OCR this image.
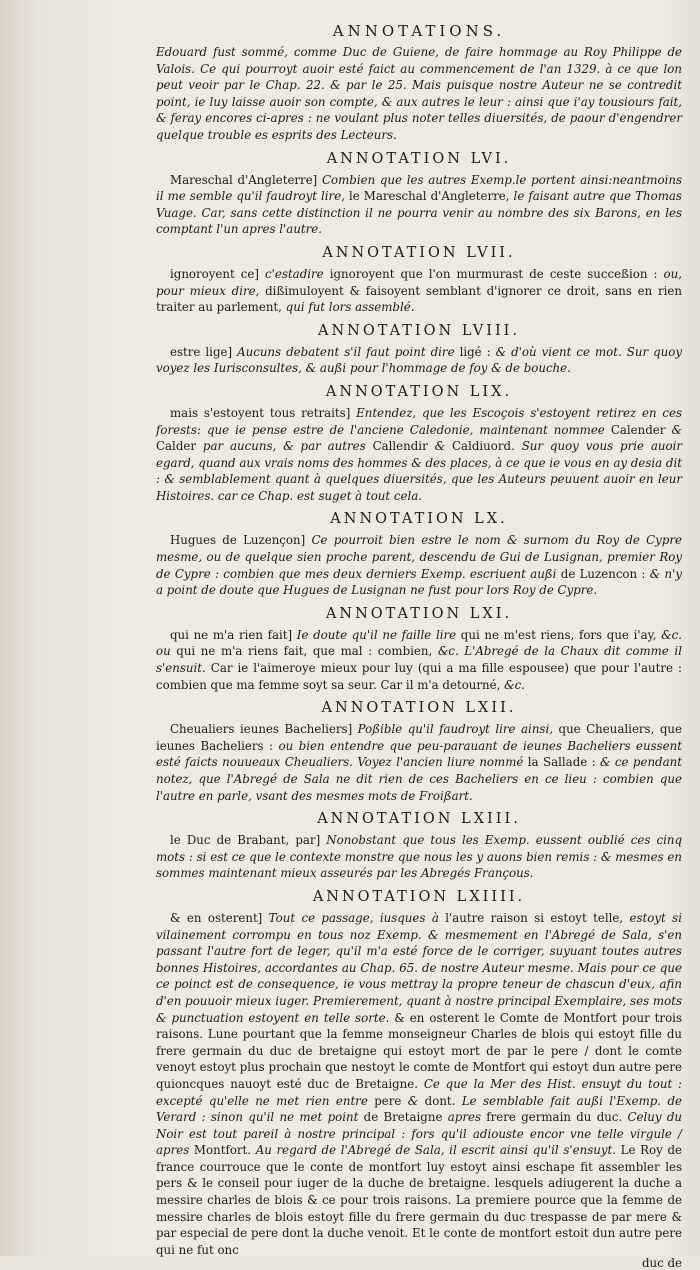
ANNOTATIONS.

Edouard fust sommé, comme Duc de Guiene, de faire hommage au Roy Philippe de Valois. Ce qui pourroyt auoir esté faict au commencement de l'an 1329. à ce que lon peut veoir par le Chap. 22. & par le 25. Mais puisque nostre Auteur ne se contredit point, ie luy laisse auoir son compte, & aux autres le leur : ainsi que i'ay tousiours fait, & feray encores ci-apres : ne voulant plus noter telles diuersités, de paour d'engendrer quelque trouble es esprits des Lecteurs.

ANNOTATION LVI.

Mareschal d'Angleterre] Combien que les autres Exemp.le portent ainsi:neantmoins il me semble qu'il faudroyt lire, le Mareschal d'Angleterre, le faisant autre que Thomas Vuage. Car, sans cette distinction il ne pourra venir au nombre des six Barons, en les comptant l'un apres l'autre.

ANNOTATION LVII.

ignoroyent ce] c'estadire ignoroyent que l'on murmurast de ceste succeßion : ou, pour mieux dire, dißimuloyent & faisoyent semblant d'ignorer ce droit, sans en rien traiter au parlement, qui fut lors assemblé.

ANNOTATION LVIII.

estre lige] Aucuns debatent s'il faut point dire ligé : & d'où vient ce mot. Sur quoy voyez les Iurisconsultes, & außi pour l'hommage de foy & de bouche.

ANNOTATION LIX.

mais s'estoyent tous retraits] Entendez, que les Escoçois s'estoyent retirez en ces forests: que ie pense estre de l'anciene Caledonie, maintenant nommee Calender & Calder par aucuns, & par autres Callendir & Caldiuord. Sur quoy vous prie auoir egard, quand aux vrais noms des hommes & des places, à ce que ie vous en ay desia dit : & semblablement quant à quelques diuersités, que les Auteurs peuuent auoir en leur Histoires. car ce Chap. est suget à tout cela.

ANNOTATION LX.

Hugues de Luzençon] Ce pourroit bien estre le nom & surnom du Roy de Cypre mesme, ou de quelque sien proche parent, descendu de Gui de Lusignan, premier Roy de Cypre : combien que mes deux derniers Exemp. escriuent außi de Luzencon : & n'y a point de doute que Hugues de Lusignan ne fust pour lors Roy de Cypre.

ANNOTATION LXI.

qui ne m'a rien fait] Ie doute qu'il ne faille lire qui ne m'est riens, fors que i'ay, &c. ou qui ne m'a riens fait, que mal : combien, &c. L'Abregé de la Chaux dit comme il s'ensuit. Car ie l'aimeroye mieux pour luy (qui a ma fille espousee) que pour l'autre : combien que ma femme soyt sa seur. Car il m'a detourné, &c.

ANNOTATION LXII.

Cheualiers ieunes Bacheliers] Poßible qu'il faudroyt lire ainsi, que Cheualiers, que ieunes Bacheliers : ou bien entendre que peu-parauant de ieunes Bacheliers eussent esté faicts nouueaux Cheualiers. Voyez l'ancien liure nommé la Sallade : & ce pendant notez, que l'Abregé de Sala ne dit rien de ces Bacheliers en ce lieu : combien que l'autre en parle, vsant des mesmes mots de Froißart.

ANNOTATION LXIII.

le Duc de Brabant, par] Nonobstant que tous les Exemp. eussent oublié ces cinq mots : si est ce que le contexte monstre que nous les y auons bien remis : & mesmes en sommes maintenant mieux asseurés par les Abregés Françous.

ANNOTATION LXIIII.

& en osterent] Tout ce passage, iusques à l'autre raison si estoyt telle, estoyt si vilainement corrompu en tous noz Exemp. & mesmement en l'Abregé de Sala, s'en passant l'autre fort de leger, qu'il m'a esté force de le corriger, suyuant toutes autres bonnes Histoires, accordantes au Chap. 65. de nostre Auteur mesme. Mais pour ce que ce poinct est de consequence, ie vous mettray la propre teneur de chascun d'eux, afin d'en pouuoir mieux iuger. Premierement, quant à nostre principal Exemplaire, ses mots & punctuation estoyent en telle sorte. & en osterent le Comte de Montfort pour trois raisons. Lune pourtant que la femme monseigneur Charles de blois qui estoyt fille du frere germain du duc de bretaigne qui estoyt mort de par le pere / dont le comte venoyt estoyt plus prochain que nestoyt le comte de Montfort qui estoyt dun autre pere quioncques nauoyt esté duc de Bretaigne. Ce que la Mer des Hist. ensuyt du tout : excepté qu'elle ne met rien entre pere & dont. Le semblable fait außi l'Exemp. de Verard : sinon qu'il ne met point de Bretaigne apres frere germain du duc. Celuy du Noir est tout pareil à nostre principal : fors qu'il adiouste encor vne telle virgule / apres Montfort. Au regard de l'Abregé de Sala, il escrit ainsi qu'il s'ensuyt. Le Roy de france courrouce que le conte de montfort luy estoyt ainsi eschape fit assembler les pers & le conseil pour iuger de la duche de bretaigne. lesquels adiugerent la duche a messire charles de blois & ce pour trois raisons. La premiere pource que la femme de messire charles de blois estoyt fille du frere germain du duc trespasse de par mere & par especial de pere dont la duche venoit. Et le conte de montfort estoit dun autre pere qui ne fut onc

duc de
